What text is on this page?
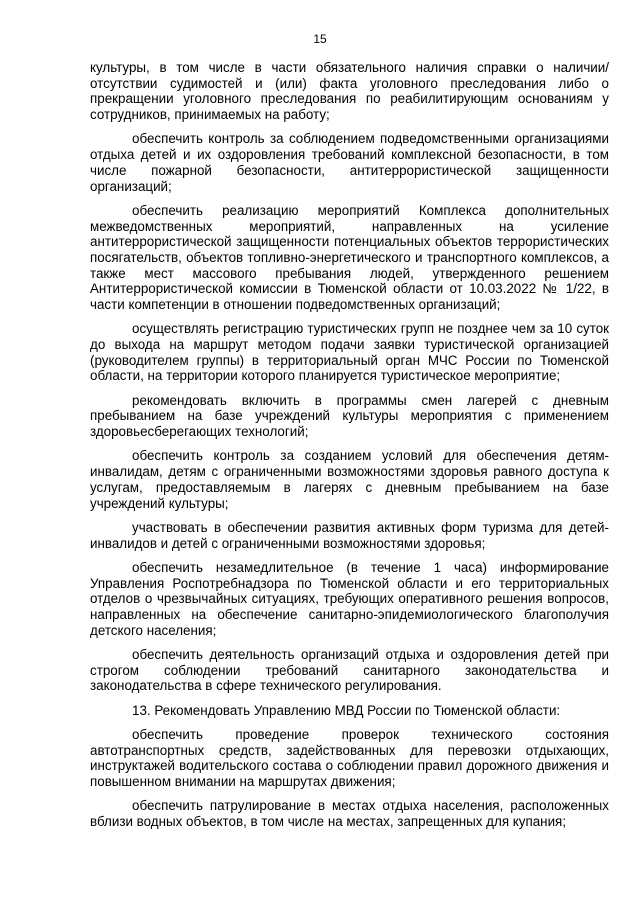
15

культуры, в том числе в части обязательного наличия справки о наличии/отсутствии судимостей и (или) факта уголовного преследования либо о прекращении уголовного преследования по реабилитирующим основаниям у сотрудников, принимаемых на работу;

обеспечить контроль за соблюдением подведомственными организациями отдыха детей и их оздоровления требований комплексной безопасности, в том числе пожарной безопасности, антитеррористической защищенности организаций;

обеспечить реализацию мероприятий Комплекса дополнительных межведомственных мероприятий, направленных на усиление антитеррористической защищенности потенциальных объектов террористических посягательств, объектов топливно-энергетического и транспортного комплексов, а также мест массового пребывания людей, утвержденного решением Антитеррористической комиссии в Тюменской области от 10.03.2022 № 1/22, в части компетенции в отношении подведомственных организаций;

осуществлять регистрацию туристических групп не позднее чем за 10 суток до выхода на маршрут методом подачи заявки туристической организацией (руководителем группы) в территориальный орган МЧС России по Тюменской области, на территории которого планируется туристическое мероприятие;

рекомендовать включить в программы смен лагерей с дневным пребыванием на базе учреждений культуры мероприятия с применением здоровьесберегающих технологий;

обеспечить контроль за созданием условий для обеспечения детям-инвалидам, детям с ограниченными возможностями здоровья равного доступа к услугам, предоставляемым в лагерях с дневным пребыванием на базе учреждений культуры;

участвовать в обеспечении развития активных форм туризма для детей-инвалидов и детей с ограниченными возможностями здоровья;

обеспечить незамедлительное (в течение 1 часа) информирование Управления Роспотребнадзора по Тюменской области и его территориальных отделов о чрезвычайных ситуациях, требующих оперативного решения вопросов, направленных на обеспечение санитарно-эпидемиологического благополучия детского населения;

обеспечить деятельность организаций отдыха и оздоровления детей при строгом соблюдении требований санитарного законодательства и законодательства в сфере технического регулирования.

13. Рекомендовать Управлению МВД России по Тюменской области:

обеспечить проведение проверок технического состояния автотранспортных средств, задействованных для перевозки отдыхающих, инструктажей водительского состава о соблюдении правил дорожного движения и повышенном внимании на маршрутах движения;

обеспечить патрулирование в местах отдыха населения, расположенных вблизи водных объектов, в том числе на местах, запрещенных для купания;
